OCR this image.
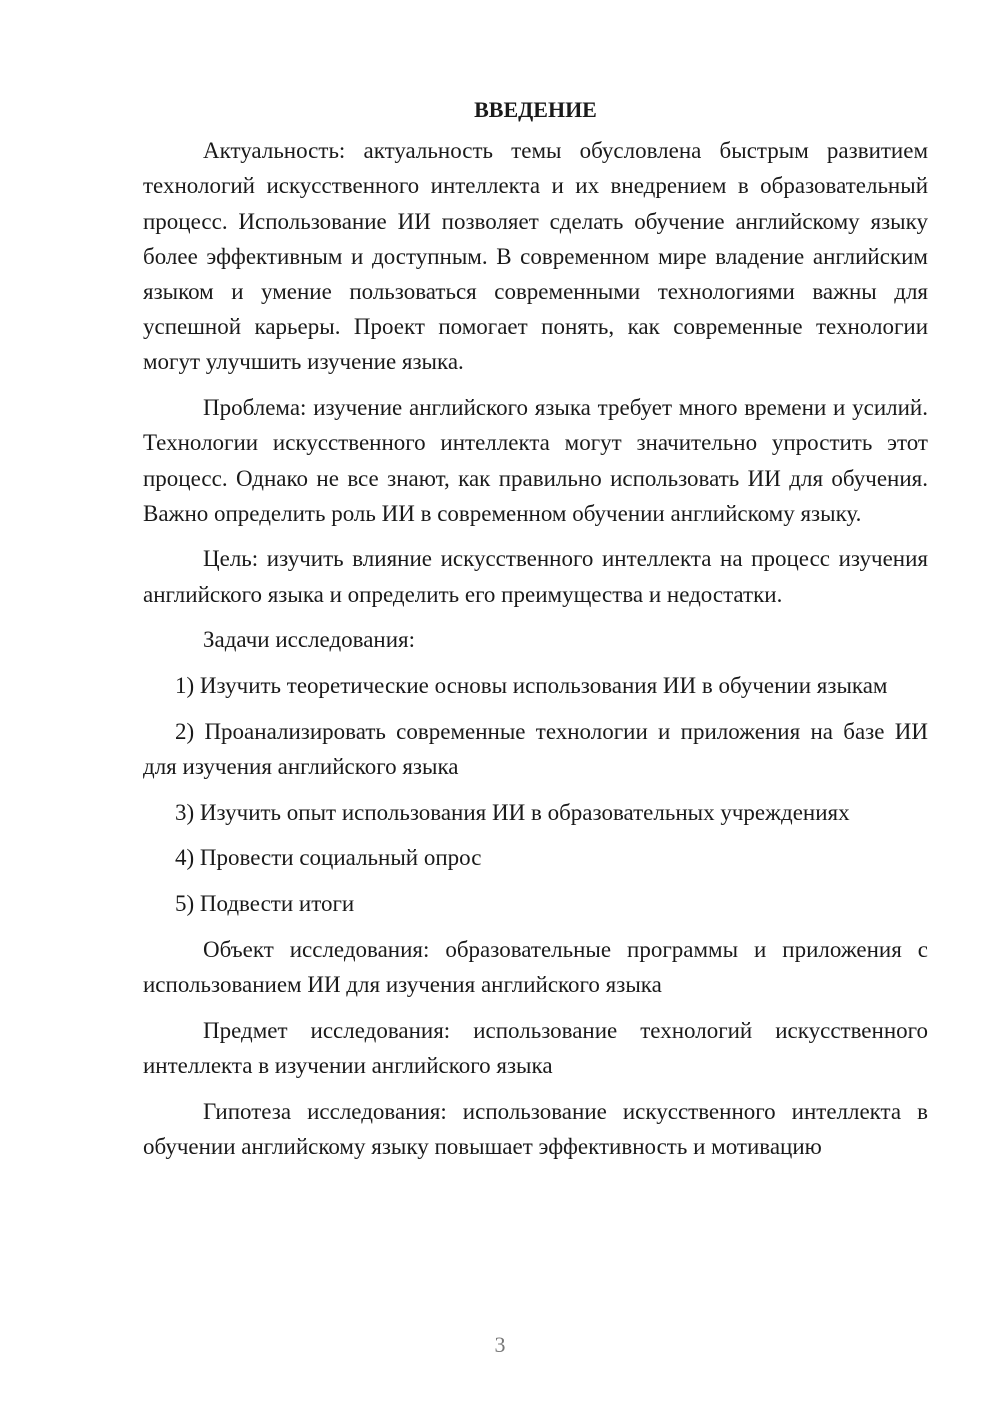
ВВЕДЕНИЕ

Актуальность: актуальность темы обусловлена быстрым развитием технологий искусственного интеллекта и их внедрением в образовательный процесс. Использование ИИ позволяет сделать обучение английскому языку более эффективным и доступным. В современном мире владение английским языком и умение пользоваться современными технологиями важны для успешной карьеры. Проект помогает понять, как современные технологии могут улучшить изучение языка.

Проблема: изучение английского языка требует много времени и усилий. Технологии искусственного интеллекта могут значительно упростить этот процесс. Однако не все знают, как правильно использовать ИИ для обучения. Важно определить роль ИИ в современном обучении английскому языку.

Цель: изучить влияние искусственного интеллекта на процесс изучения английского языка и определить его преимущества и недостатки.

Задачи исследования:

1) Изучить теоретические основы использования ИИ в обучении языкам

2) Проанализировать современные технологии и приложения на базе ИИ для изучения английского языка

3) Изучить опыт использования ИИ в образовательных учреждениях

4) Провести социальный опрос

5) Подвести итоги

Объект исследования: образовательные программы и приложения с использованием ИИ для изучения английского языка

Предмет исследования: использование технологий искусственного интеллекта в изучении английского языка

Гипотеза исследования: использование искусственного интеллекта в обучении английскому языку повышает эффективность и мотивацию

3
